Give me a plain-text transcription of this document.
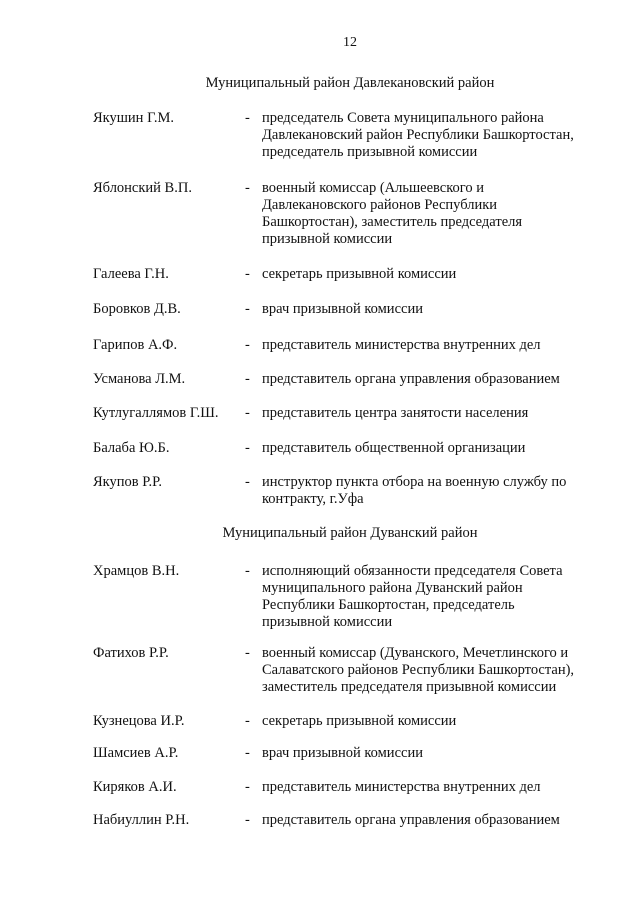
12
Муниципальный район Давлекановский район
Якушин Г.М.	- председатель Совета муниципального района
Давлекановский район Республики Башкортостан,
председатель призывной комиссии
Яблонский В.П.	- военный комиссар (Альшеевского и
Давлекановского районов Республики
Башкортостан), заместитель председателя
призывной комиссии
Галеева Г.Н.	- секретарь призывной комиссии
Боровков Д.В.	- врач призывной комиссии
Гарипов А.Ф.	- представитель министерства внутренних дел
Усманова Л.М.	- представитель органа управления образованием
Кутлугаллямов Г.Ш. - представитель центра занятости населения
Балаба Ю.Б.	- представитель общественной организации
Якупов Р.Р.	- инструктор пункта отбора на военную службу по
контракту, г.Уфа
Муниципальный район Дуванский район
Храмцов В.Н.	- исполняющий обязанности председателя Совета
муниципального района Дуванский район
Республики Башкортостан, председатель
призывной комиссии
Фатихов Р.Р.	- военный комиссар (Дуванского, Мечетлинского и
Салаватского районов Республики Башкортостан),
заместитель председателя призывной комиссии
Кузнецова И.Р.	- секретарь призывной комиссии
Шамсиев А.Р.	- врач призывной комиссии
Киряков А.И.	- представитель министерства внутренних дел
Набиуллин Р.Н.	- представитель органа управления образованием
